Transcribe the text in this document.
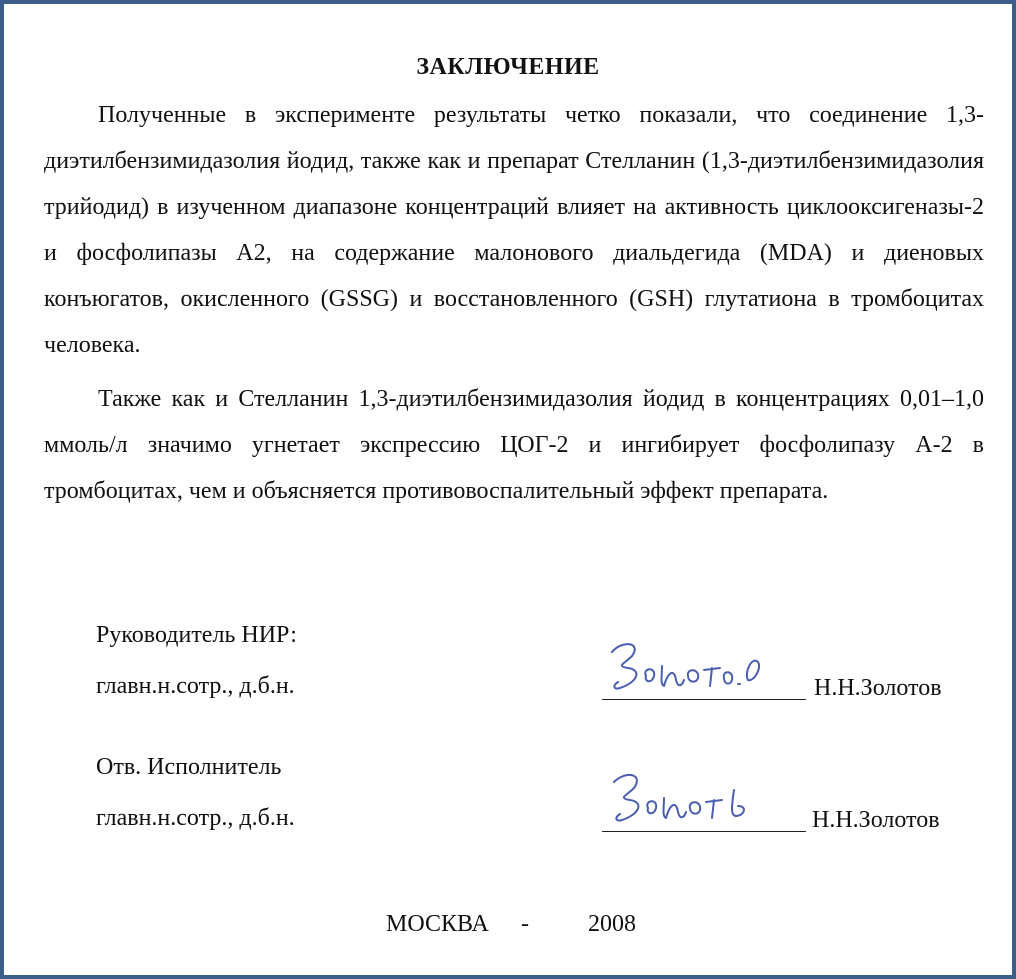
ЗАКЛЮЧЕНИЕ

Полученные в эксперименте результаты четко показали, что соединение 1,3-диэтилбензимидазолия йодид, также как и препарат Стелланин (1,3-диэтилбензимидазолия трийодид) в изученном диапазоне концентраций влияет на активность циклооксигеназы-2 и фосфолипазы А2, на содержание малонового диальдегида (MDA) и диеновых конъюгатов, окисленного (GSSG) и восстановленного (GSH) глутатиона в тромбоцитах человека.

Также как и Стелланин 1,3-диэтилбензимидазолия йодид в концентрациях 0,01–1,0 ммоль/л значимо угнетает экспрессию ЦОГ-2 и ингибирует фосфолипазу А-2 в тромбоцитах, чем и объясняется противовоспалительный эффект препарата.

Руководитель НИР:
главн.н.сотр., д.б.н.	Н.Н.Золотов
Отв. Исполнитель
главн.н.сотр., д.б.н.	Н.Н.Золотов
МОСКВА - 2008
